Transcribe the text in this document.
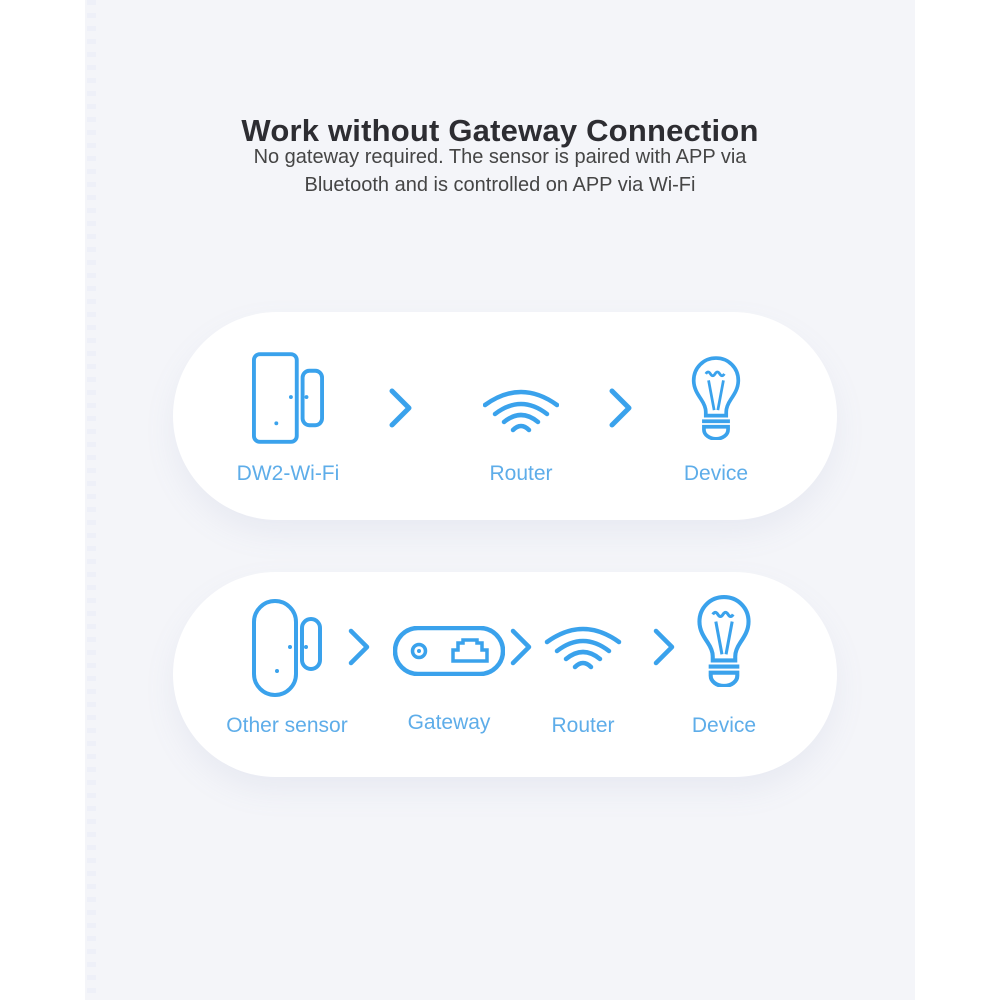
Work without Gateway Connection
No gateway required. The sensor is paired with APP via
Bluetooth and is controlled on APP via Wi-Fi
DW2-Wi-Fi	Router	Device
Other sensor	Gateway	Router	Device
